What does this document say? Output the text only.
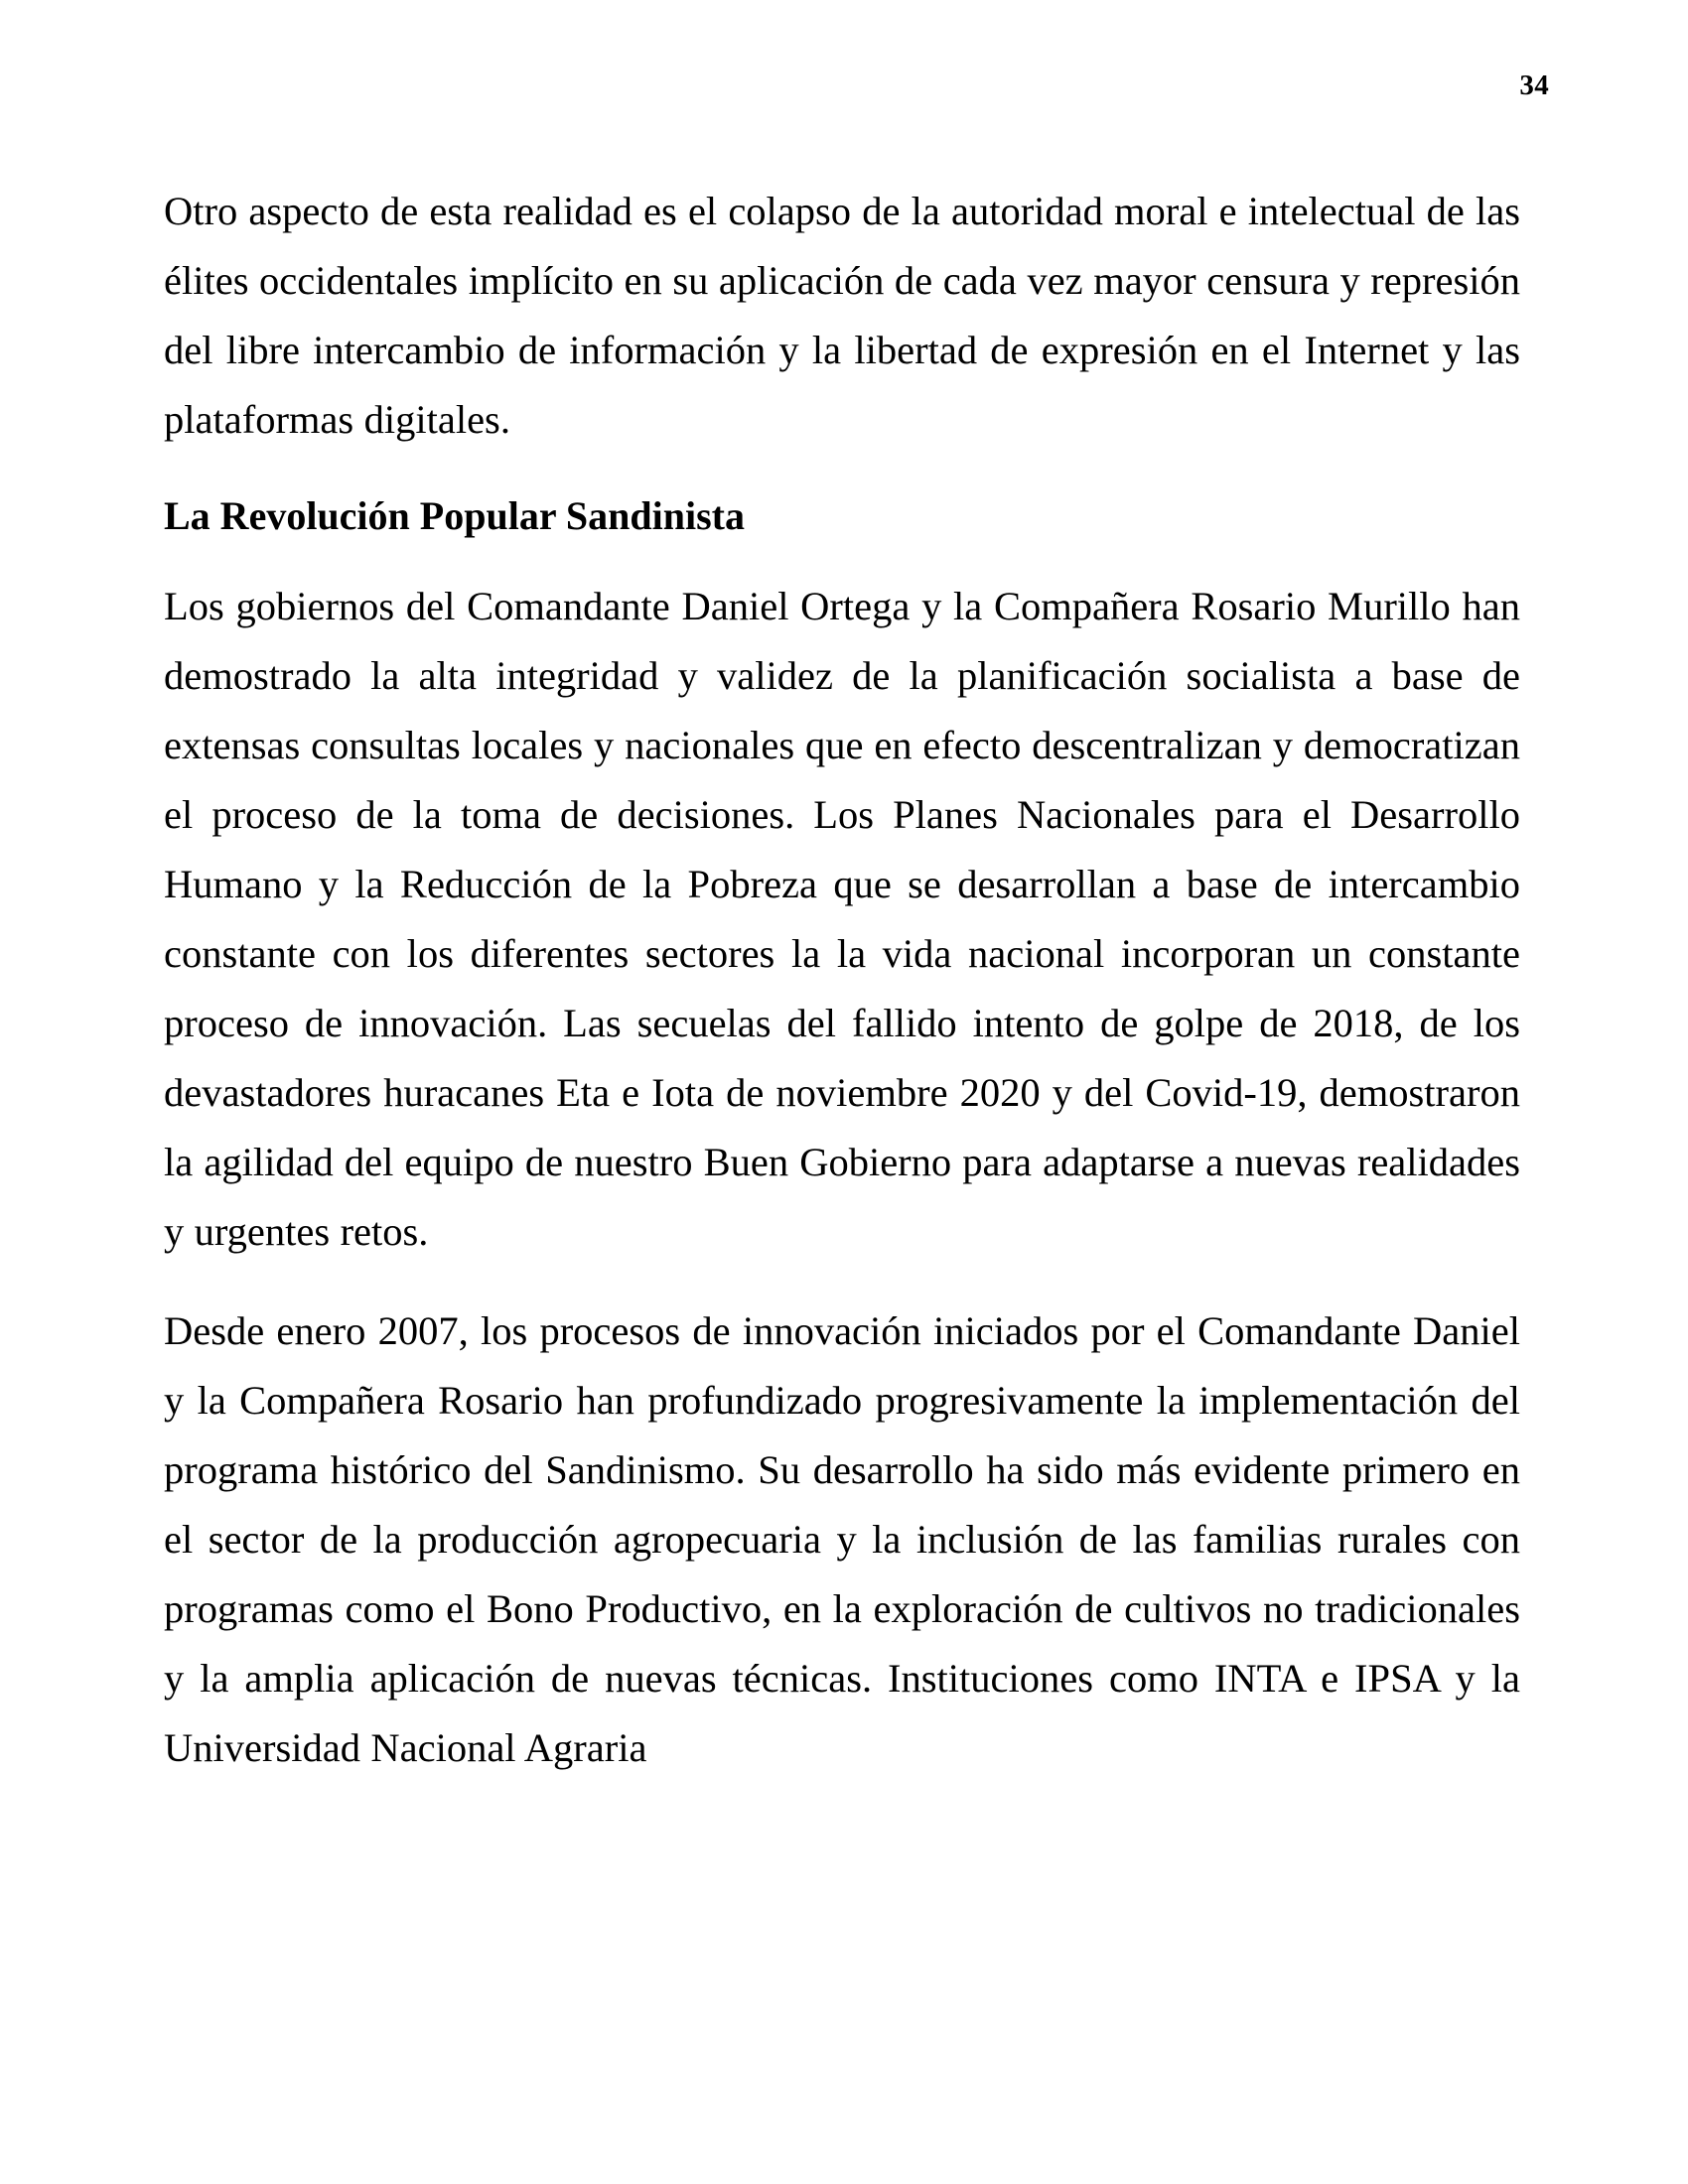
34

Otro aspecto de esta realidad es el colapso de la autoridad moral e intelectual de las élites occidentales implícito en su aplicación de cada vez mayor censura y represión del libre intercambio de información y la libertad de expresión en el Internet y las plataformas digitales.

La Revolución Popular Sandinista

Los gobiernos del Comandante Daniel Ortega y la Compañera Rosario Murillo han demostrado la alta integridad y validez de la planificación socialista a base de extensas consultas locales y nacionales que en efecto descentralizan y democratizan el proceso de la toma de decisiones. Los Planes Nacionales para el Desarrollo Humano y la Reducción de la Pobreza que se desarrollan a base de intercambio constante con los diferentes sectores la la vida nacional incorporan un constante proceso de innovación. Las secuelas del fallido intento de golpe de 2018, de los devastadores huracanes Eta e Iota de noviembre 2020 y del Covid-19, demostraron la agilidad del equipo de nuestro Buen Gobierno para adaptarse a nuevas realidades y urgentes retos.

Desde enero 2007, los procesos de innovación iniciados por el Comandante Daniel y la Compañera Rosario han profundizado progresivamente la implementación del programa histórico del Sandinismo. Su desarrollo ha sido más evidente primero en el sector de la producción agropecuaria y la inclusión de las familias rurales con programas como el Bono Productivo, en la exploración de cultivos no tradicionales y la amplia aplicación de nuevas técnicas. Instituciones como INTA e IPSA y la Universidad Nacional Agraria
